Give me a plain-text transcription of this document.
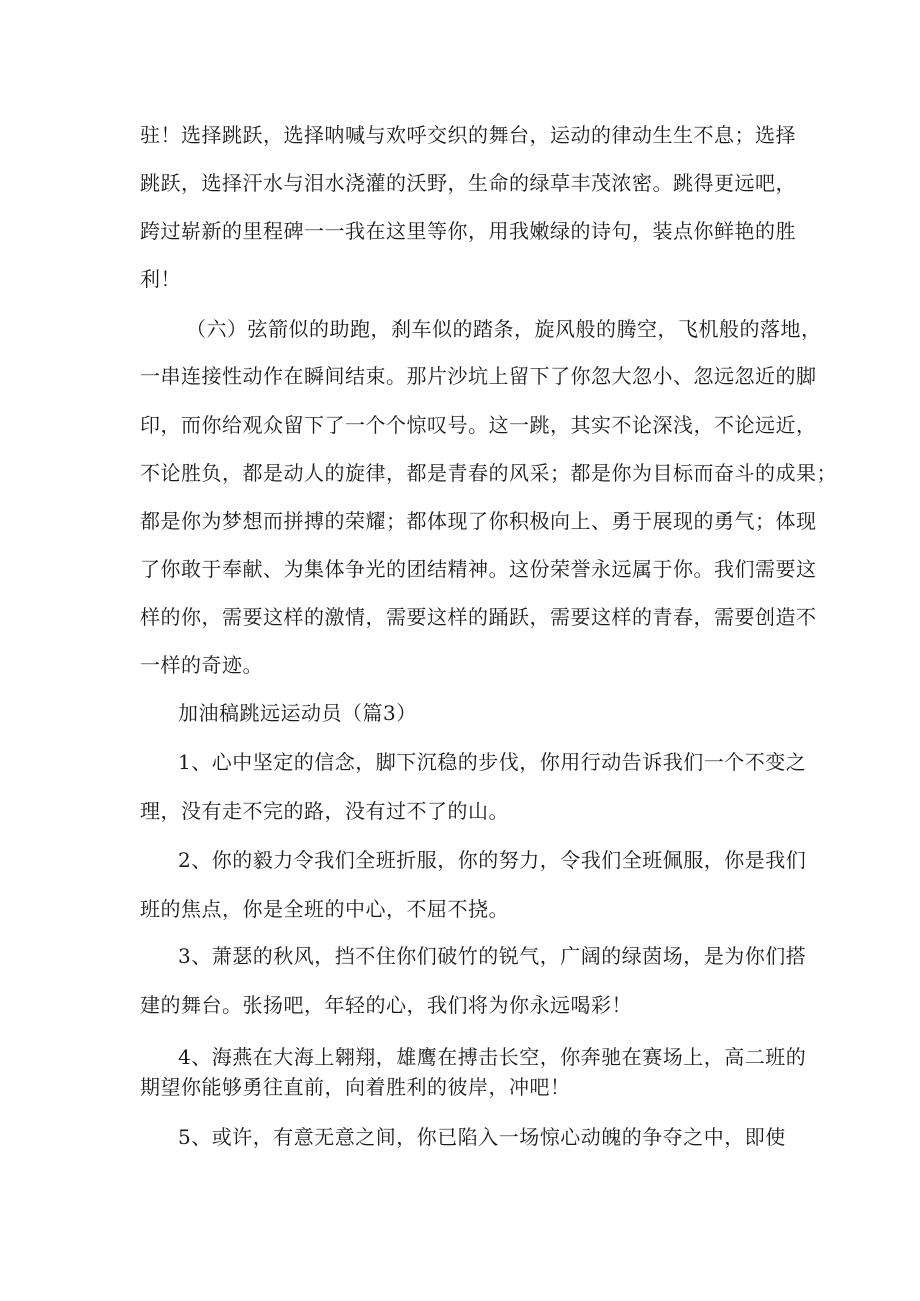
驻！选择跳跃，选择呐喊与欢呼交织的舞台，运动的律动生生不息；选择
跳跃，选择汗水与泪水浇灌的沃野，生命的绿草丰茂浓密。跳得更远吧，
跨过崭新的里程碑一一我在这里等你，用我嫩绿的诗句，装点你鲜艳的胜
利！
（六）弦箭似的助跑，刹车似的踏条，旋风般的腾空，飞机般的落地，
一串连接性动作在瞬间结束。那片沙坑上留下了你忽大忽小、忽远忽近的脚
印，而你给观众留下了一个个惊叹号。这一跳，其实不论深浅，不论远近，
不论胜负，都是动人的旋律，都是青春的风采；都是你为目标而奋斗的成果；
都是你为梦想而拼搏的荣耀；都体现了你积极向上、勇于展现的勇气；体现
了你敢于奉献、为集体争光的团结精神。这份荣誉永远属于你。我们需要这
样的你，需要这样的激情，需要这样的踊跃，需要这样的青春，需要创造不
一样的奇迹。
加油稿跳远运动员（篇3）
1、心中坚定的信念，脚下沉稳的步伐，你用行动告诉我们一个不变之
理，没有走不完的路，没有过不了的山。
2、你的毅力令我们全班折服，你的努力，令我们全班佩服，你是我们
班的焦点，你是全班的中心，不屈不挠。
3、萧瑟的秋风，挡不住你们破竹的锐气，广阔的绿茵场，是为你们搭
建的舞台。张扬吧，年轻的心，我们将为你永远喝彩！
4、海燕在大海上翱翔，雄鹰在搏击长空，你奔驰在赛场上，高二班的
期望你能够勇往直前，向着胜利的彼岸，冲吧！
5、或许，有意无意之间，你已陷入一场惊心动魄的争夺之中，即使
